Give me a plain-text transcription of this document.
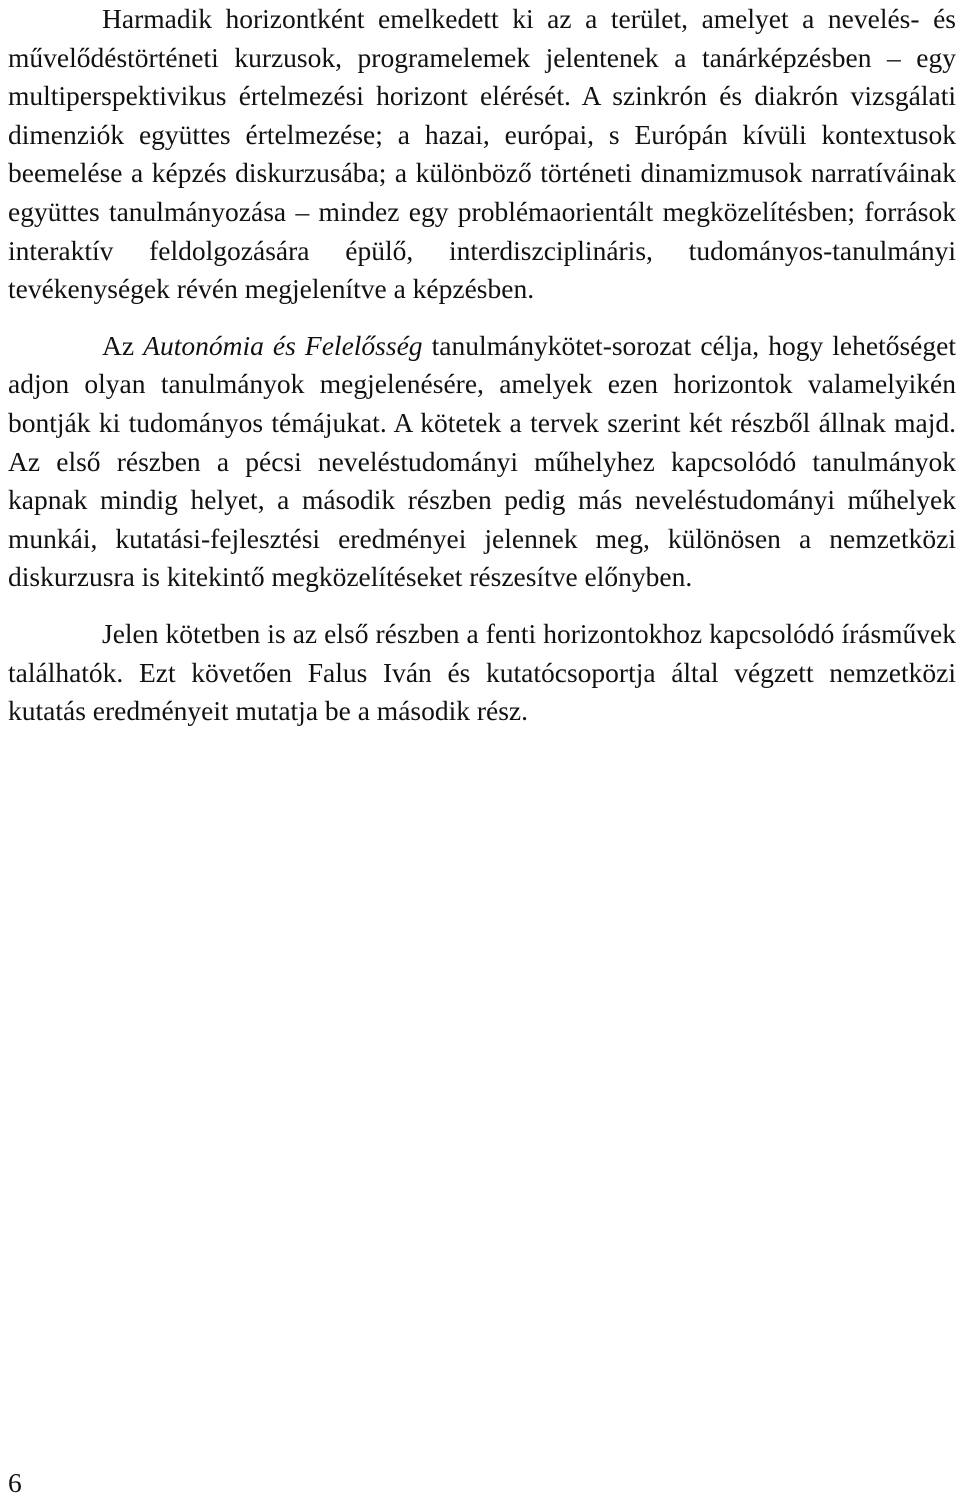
Harmadik horizontként emelkedett ki az a terület, amelyet a nevelés- és művelődéstörténeti kurzusok, programelemek jelentenek a tanárképzésben – egy multiperspektivikus értelmezési horizont elérését. A szinkrón és diakrón vizsgálati dimenziók együttes értelmezése; a hazai, európai, s Európán kívüli kontextusok beemelése a képzés diskurzusába; a különböző történeti dinamizmusok narratíváinak együttes tanulmányozása – mindez egy problémaorientált megközelítésben; források interaktív feldolgozására épülő, interdiszciplináris, tudományos-tanulmányi tevékenységek révén megjelenítve a képzésben.

Az Autonómia és Felelősség tanulmánykötet-sorozat célja, hogy lehetőséget adjon olyan tanulmányok megjelenésére, amelyek ezen horizontok valamelyikén bontják ki tudományos témájukat. A kötetek a tervek szerint két részből állnak majd. Az első részben a pécsi neveléstudományi műhelyhez kapcsolódó tanulmányok kapnak mindig helyet, a második részben pedig más neveléstudományi műhelyek munkái, kutatási-fejlesztési eredményei jelennek meg, különösen a nemzetközi diskurzusra is kitekintő megközelítéseket részesítve előnyben.

Jelen kötetben is az első részben a fenti horizontokhoz kapcsolódó írásművek találhatók. Ezt követően Falus Iván és kutatócsoportja által végzett nemzetközi kutatás eredményeit mutatja be a második rész.

6
